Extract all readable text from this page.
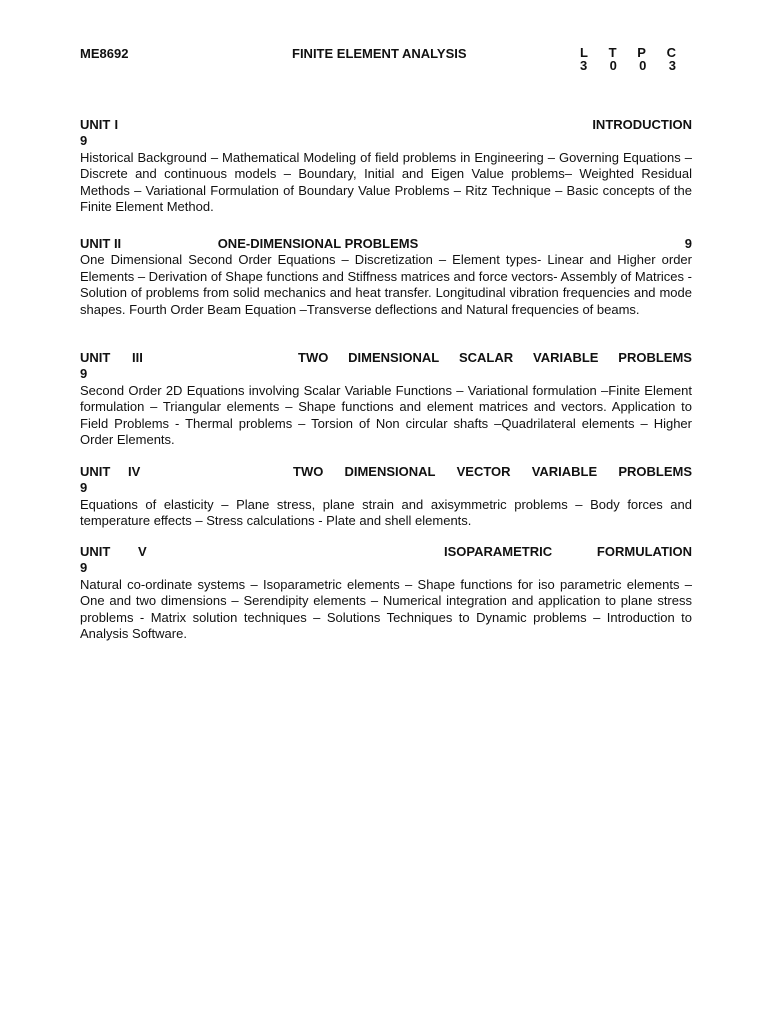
ME8692	FINITE ELEMENT ANALYSIS	L T P C
3 0 0 3
UNIT I	INTRODUCTION
9

Historical Background – Mathematical Modeling of field problems in Engineering – Governing Equations – Discrete and continuous models – Boundary, Initial and Eigen Value problems– Weighted Residual Methods – Variational Formulation of Boundary Value Problems – Ritz Technique – Basic concepts of the Finite Element Method.

UNIT II	ONE-DIMENSIONAL PROBLEMS	9

One Dimensional Second Order Equations – Discretization – Element types- Linear and Higher order Elements – Derivation of Shape functions and Stiffness matrices and force vectors- Assembly of Matrices - Solution of problems from solid mechanics and heat transfer. Longitudinal vibration frequencies and mode shapes. Fourth Order Beam Equation –Transverse deflections and Natural frequencies of beams.

UNIT	III	TWO DIMENSIONAL SCALAR VARIABLE PROBLEMS
9

Second Order 2D Equations involving Scalar Variable Functions – Variational formulation –Finite Element formulation – Triangular elements – Shape functions and element matrices and vectors. Application to Field Problems - Thermal problems – Torsion of Non circular shafts –Quadrilateral elements – Higher Order Elements.

UNIT	IV	TWO DIMENSIONAL VECTOR VARIABLE PROBLEMS
9

Equations of elasticity – Plane stress, plane strain and axisymmetric problems – Body forces and temperature effects – Stress calculations - Plate and shell elements.

UNIT	V	ISOPARAMETRIC	FORMULATION
9

Natural co-ordinate systems – Isoparametric elements – Shape functions for iso parametric elements – One and two dimensions – Serendipity elements – Numerical integration and application to plane stress problems - Matrix solution techniques – Solutions Techniques to Dynamic problems – Introduction to Analysis Software.
